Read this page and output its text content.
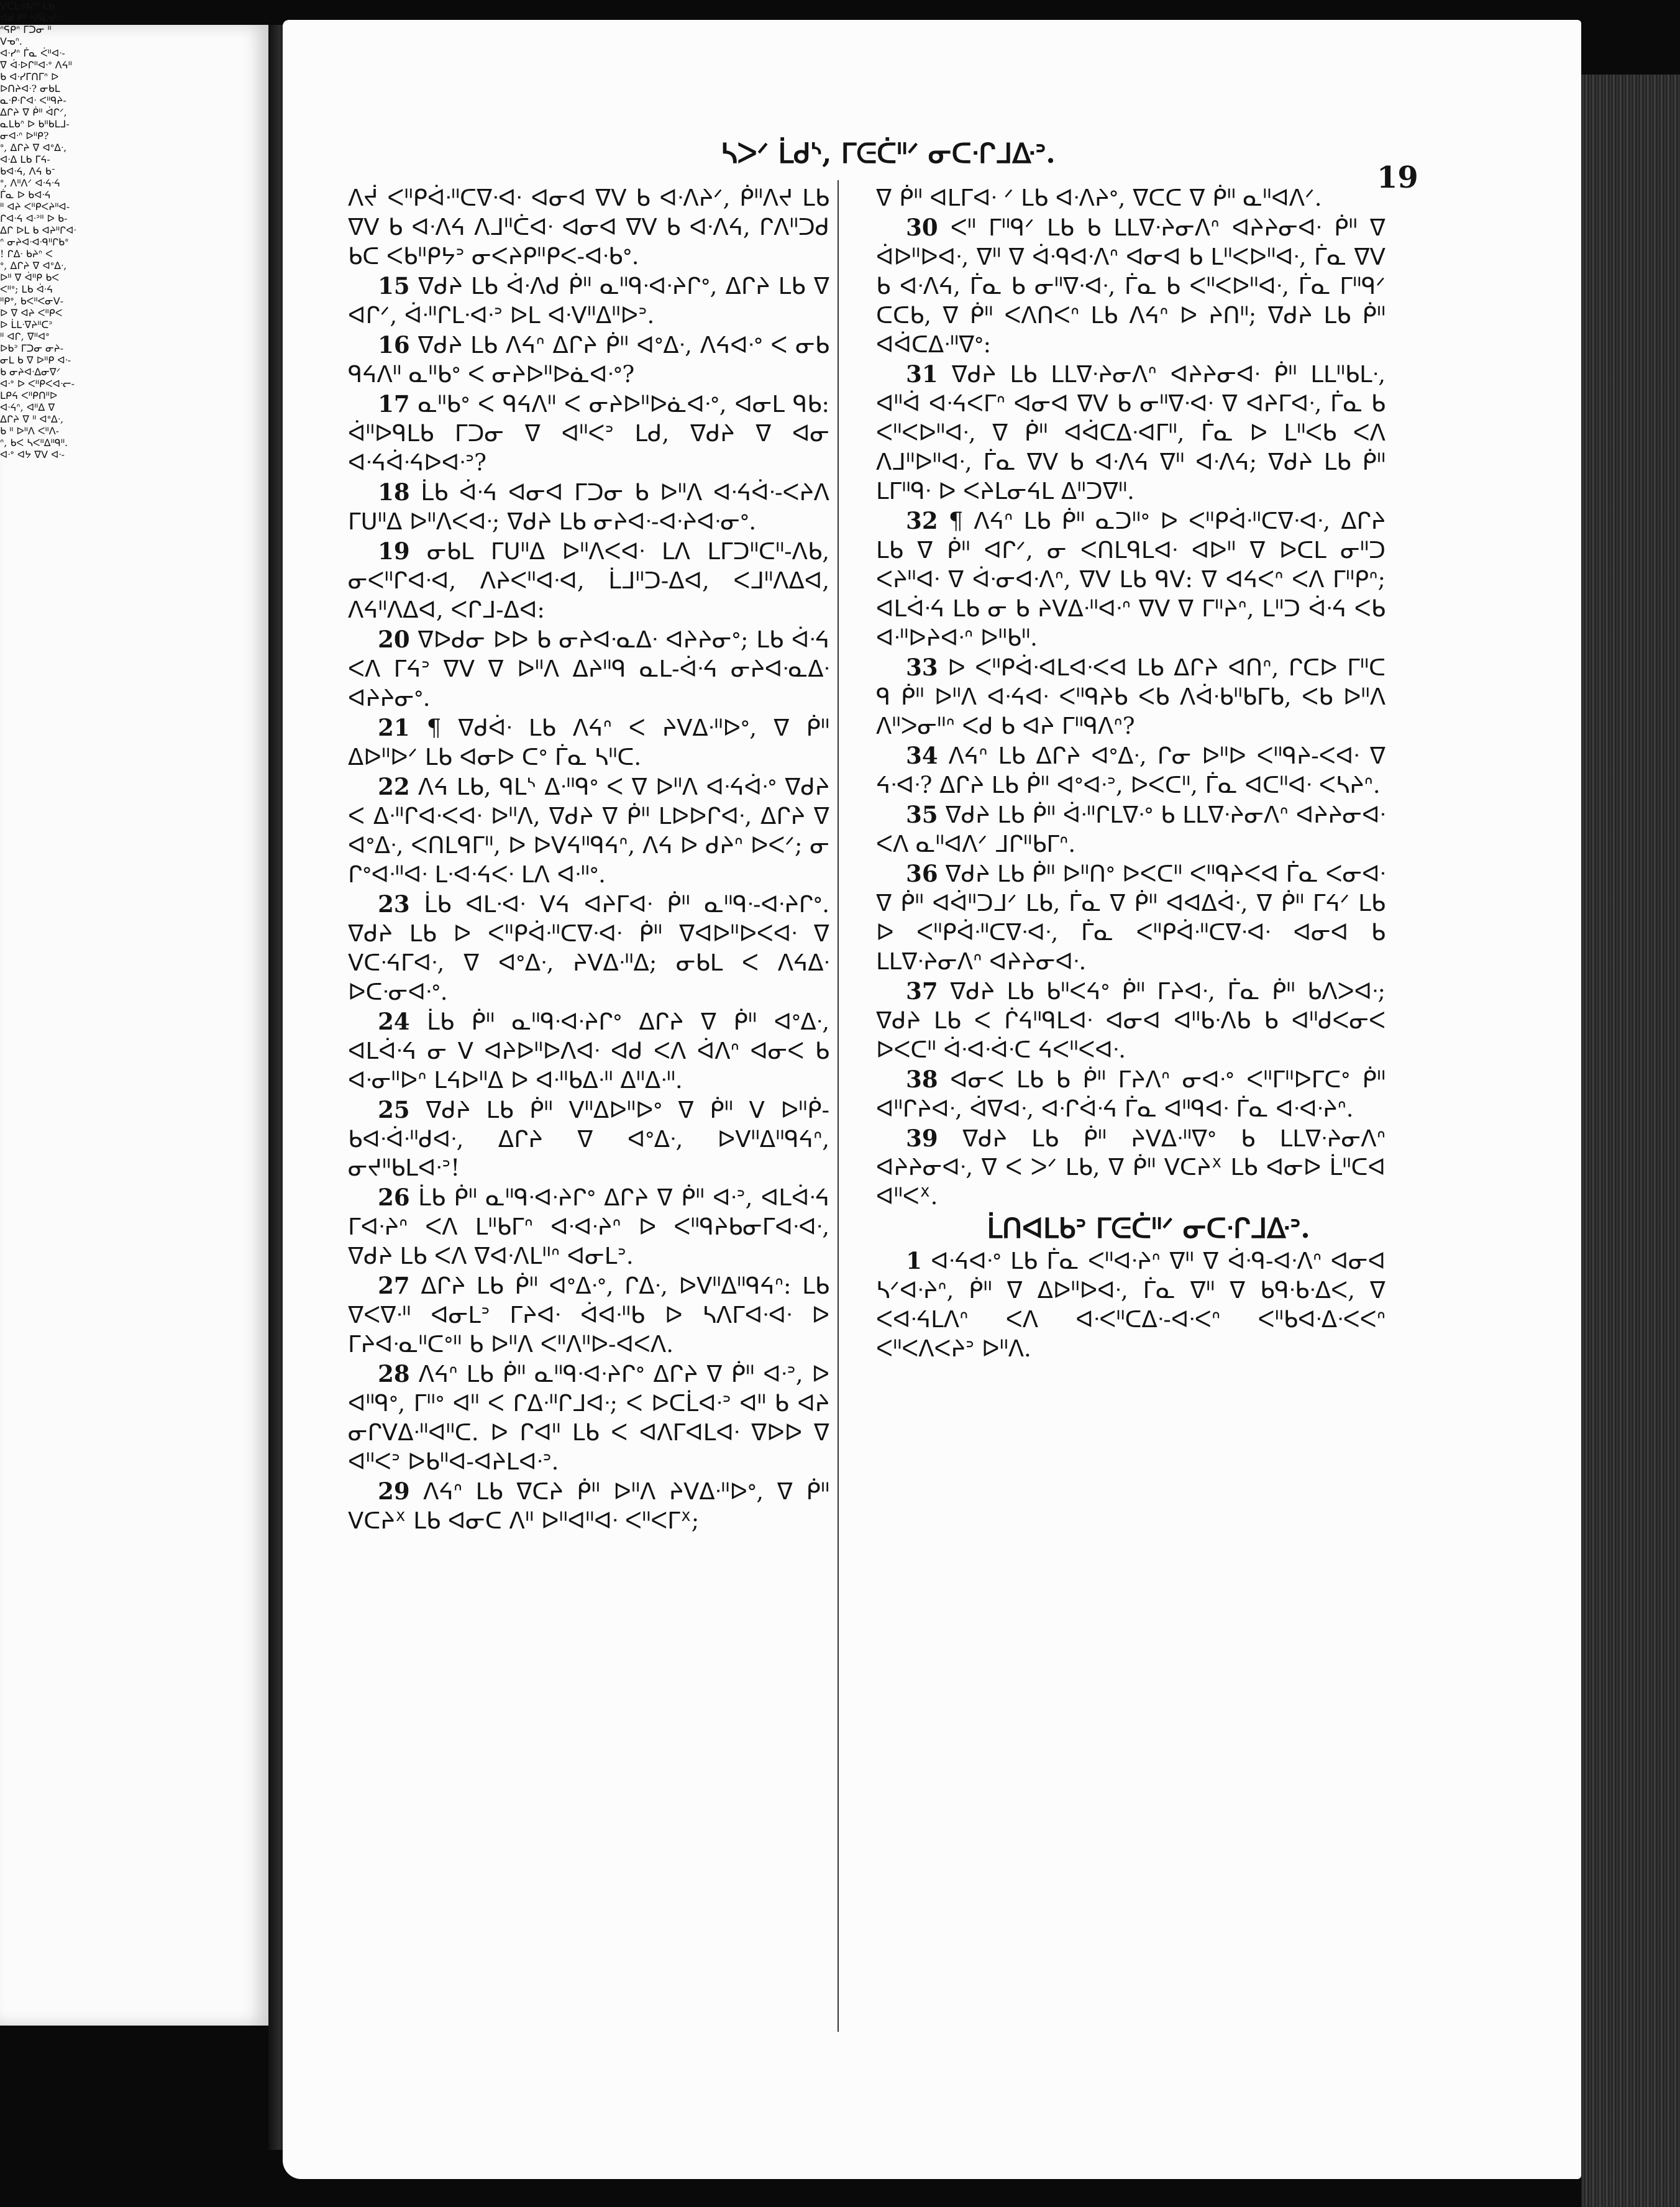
ᓴᐳᐟ ᒫᑯᔅ, ᒥᕮᑖᐦᐟ ᓂᑕᐧᒋᒧᐏᐣ.
19

ᐱᔫ ᐸᐦᑭᐋᐧᐦᑕᐁᐧᐊᐧ ᐊᓂᐊ ᐁᐯ ᑲ ᐊᐧᐱᔨᐟ, ᑮᐦᐱᔪ ᒪᑲ ᐁᐯ ᑲ ᐊᐧᐱᔦ ᐱᒧᐦᑖᐊᐧ ᐊᓂᐊ ᐁᐯ ᑲ ᐊᐧᐱᔦ, ᒋᐱᐦᑐᑯ ᑲᑕ ᐸᑲᐦᑭᔭᐣ ᓂᐸᔨᑭᐦᑭᐸ-ᐊᐧᑲᐤ.

15 ᐁᑯᔨ ᒪᑲ ᐋᐧᐱᑯ ᑮᐦ ᓇᐦᑫᐧᐊᐧᔨᒋᐤ, ᐃᒋᔨ ᒪᑲ ᐁ ᐊᒋᐟ, ᐋᐧᐦᒋᒪᐧᐊᐧᐣ ᐅᒪ ᐊᐧᐯᐦᐃᐦᐅᐣ.

16 ᐁᑯᔨ ᒪᑲ ᐱᔦᐢ ᐃᒋᔨ ᑮᐦ ᐊᐤᐃᐧ, ᐱᔦᐊᐧᐤ ᐸ ᓂᑲ ᑫᔦᐱᐦ ᓇᐦᑲᐤ ᐸ ᓂᔨᐅᐦᐅᓈᐊᐧᐤ?

17 ᓇᐦᑲᐤ ᐸ ᑫᔦᐱᐦ ᐸ ᓂᔨᐅᐦᐅᓈᐊᐧᐤ, ᐊᓂᒪ ᑫᑲ: ᐋᐦᐅᑫᒪᑲ ᒥᑐᓂ ᐁ ᐊᐦᐸᐣ ᒪᑯ, ᐁᑯᔨ ᐁ ᐊᓂ ᐊᐧᔦᐋᐧᔦᐅᐊᐧᐣ?

18 ᒫᑲ ᐋᐧᔦ ᐊᓂᐊ ᒥᑐᓂ ᑲ ᐅᐦᐱ ᐊᐧᔦᐋᐧ-ᐸᔨᐱ ᒥᑌᐦᐃ ᐅᐦᐱᐸᐊᐧ; ᐁᑯᔨ ᒪᑲ ᓂᔨᐊᐧ-ᐊᐧᔨᐊᐧᓂᐤ.

19 ᓂᑲᒪ ᒥᑌᐦᐃ ᐅᐦᐱᐸᐊᐧ ᒪᐱ ᒪᒥᑐᐦᑕᐦ-ᐱᑲ, ᓂᐸᐦᒋᐊᐧᐊ, ᐱᔨᐸᐦᐊᐧᐊ, ᒫᒧᐦᑐ-ᐃᐊ, ᐸᒧᐦᐱᐃᐊ, ᐱᔦᐦᐱᐃᐊ, ᐸᒋᒧ-ᐃᐊ:

20 ᐁᐅᑯᓂ ᐅᐅ ᑲ ᓂᔨᐊᐧᓇᐃᐧ ᐊᔨᔨᓂᐤ; ᒪᑲ ᐋᐧᔦ ᐸᐱ ᒥᔦᐣ ᐁᐯ ᐁ ᐅᐦᐱ ᐃᔨᐦᑫ ᓇᒪ-ᐋᐧᔦ ᓂᔨᐊᐧᓇᐃᐧ ᐊᔨᔨᓂᐤ.

21 ¶ ᐁᑯᐋᐧ ᒪᑲ ᐱᔦᐢ ᐸ ᔨᐯᐃᐧᐦᐅᐤ, ᐁ ᑮᐦ ᐃᐅᐦᐅᐟ ᒪᑲ ᐊᓂᐅ ᑕᐤ ᒦᓇ ᓴᐦᑕ.

22 ᐱᔦ ᒪᑲ, ᑫᒪᔅ ᐃᐧᐦᑫᐤ ᐸ ᐁ ᐅᐦᐱ ᐊᐧᔦᐋᐧᐤ ᐁᑯᔨ ᐸ ᐃᐧᐦᒋᐊᐧᐸᐊᐧ ᐅᐦᐱ, ᐁᑯᔨ ᐁ ᑮᐦ ᒪᐅᐅᒋᐊᐧ, ᐃᒋᔨ ᐁ ᐊᐤᐃᐧ, ᐸᑎᒪᑫᒥᐦ, ᐅ ᐅᐯᔦᐦᑫᔦᐢ, ᐱᔦ ᐅ ᑯᔨᐢ ᐅᐸᐟ; ᓂ ᒋᐤᐊᐧᐦᐊᐧ ᒪᐧᐊᐧᔦᐸᐧ ᒪᐱ ᐊᐧᐦᐤ.

23 ᒫᑲ ᐊᒪᐧᐊᐧ ᐯᔦ ᐊᔨᒥᐊᐧ ᑮᐦ ᓇᐦᑫᐧ-ᐊᐧᔨᒋᐤ. ᐁᑯᔨ ᒪᑲ ᐅ ᐸᐦᑭᐋᐧᐦᑕᐁᐧᐊᐧ ᑮᐦ ᐁᐊᐅᐦᐅᐸᐊᐧ ᐁ ᐯᑕᐧᔦᒥᐊᐧ, ᐁ ᐊᐤᐃᐧ, ᔨᐯᐃᐧᐦᐃ; ᓂᑲᒪ ᐸ ᐱᔦᐃᐧ ᐅᑕᐧᓂᐊᐧᐤ.

24 ᒫᑲ ᑮᐦ ᓇᐦᑫᐧᐊᐧᔨᒋᐤ ᐃᒋᔨ ᐁ ᑮᐦ ᐊᐤᐃᐧ, ᐊᒪᐋᐧᔦ ᓂ ᐯ ᐊᔨᐅᐦᐅᐱᐊᐧ ᐊᑯ ᐸᐱ ᐋᐱᐢ ᐊᓂᐸ ᑲ ᐊᐧᓂᐦᐅᐢ ᒪᔦᐅᐦᐃ ᐅ ᐊᐧᐦᑲᐃᐧᐦ ᐃᐦᐃᐧᐦ.

25 ᐁᑯᔨ ᒪᑲ ᑮᐦ ᐯᐦᐃᐅᐦᐅᐤ ᐁ ᑮᐦ ᐯ ᐅᐦᑮ-ᑲᐊᐧᐋᐧᐦᑯᐊᐧ, ᐃᒋᔨ ᐁ ᐊᐤᐃᐧ, ᐅᐯᐦᐃᐦᑫᔦᐢ, ᓂᔪᐦᑲᒪᐊᐧᐣ!

26 ᒫᑲ ᑮᐦ ᓇᐦᑫᐧᐊᐧᔨᒋᐤ ᐃᒋᔨ ᐁ ᑮᐦ ᐊᐧᐣ, ᐊᒪᐋᐧᔦ ᒥᐊᐧᔨᐢ ᐸᐱ ᒪᐦᑲᒥᐢ ᐊᐧᐊᐧᔨᐢ ᐅ ᐸᐦᑫᔨᑲᓂᒥᐊᐧᐊᐧ, ᐁᑯᔨ ᒪᑲ ᐸᐱ ᐁᐊᐧᐱᒪᐦᐢ ᐊᓂᒪᐣ.

27 ᐃᒋᔨ ᒪᑲ ᑮᐦ ᐊᐤᐃᐧᐤ, ᒋᐃᐧ, ᐅᐯᐦᐃᐦᑫᔦᐢ: ᒪᑲ ᐁᐸᐁᐧᐦ ᐊᓂᒪᐣ ᒥᔨᐊᐧ ᐋᐊᐧᐦᑲ ᐅ ᓴᐱᒥᐊᐧᐊᐧ ᐅ ᒥᔨᐊᐧᓇᐦᑕᐤᐦ ᑲ ᐅᐦᐱ ᐸᐦᐱᐦᐅ-ᐊᐸᐱ.

28 ᐱᔦᐢ ᒪᑲ ᑮᐦ ᓇᐦᑫᐧᐊᐧᔨᒋᐤ ᐃᒋᔨ ᐁ ᑮᐦ ᐊᐧᐣ, ᐅ ᐊᐦᑫᐤ, ᒥᐦᐤ ᐊᐦ ᐸ ᒋᐃᐧᐦᒋᒧᐊᐧ; ᐸ ᐅᑕᒫᐊᐧᐣ ᐊᐦ ᑲ ᐊᔨ ᓂᒋᐯᐃᐧᐦᐊᐦᑕ. ᐅ ᒋᐊᐦ ᒪᑲ ᐸ ᐊᐱᒥᐊᒪᐊᐧ ᐁᐅᐅ ᐁ ᐊᐦᐸᐣ ᐅᑲᐦᐊ-ᐊᔨᒪᐊᐧᐣ.

29 ᐱᔦᐢ ᒪᑲ ᐁᑕᔨ ᑮᐦ ᐅᐦᐱ ᔨᐯᐃᐧᐦᐅᐤ, ᐁ ᑮᐦ ᐯᑕᔨᕽ ᒪᑲ ᐊᓂᑕ ᐱᐦ ᐅᐦᐊᐦᐊᐧ ᐸᐦᐸᒥᕽ;

ᐁ ᑮᐦ ᐊᒪᒥᐊᐧ ᐟ ᒪᑲ ᐊᐧᐱᔨᐤ, ᐁᑕᑕ ᐁ ᑮᐦ ᓇᐦᐊᐱᐟ.

30 ᐸᐦ ᒥᐦᑫᐟ ᒪᑲ ᑲ ᒪᒪᐁᐧᔨᓂᐱᐢ ᐊᔨᔨᓂᐊᐧ ᑮᐦ ᐁ ᐋᐅᐦᐅᐊᐧ, ᐁᐦ ᐁ ᐋᐧᑫᐊᐧᐱᐢ ᐊᓂᐊ ᑲ ᒪᐦᐸᐅᐦᐊᐧ, ᒦᓇ ᐁᐯ ᑲ ᐊᐧᐱᔦ, ᒦᓇ ᑲ ᓂᐦᐁᐧᐊᐧ, ᒦᓇ ᑲ ᐸᐦᐸᐅᐦᐊᐧ, ᒦᓇ ᒥᐦᑫᐟ ᑕᑕᑲ, ᐁ ᑮᐦ ᐸᐱᑎᐸᐢ ᒪᑲ ᐱᔦᐢ ᐅ ᔨᑎᐦ; ᐁᑯᔨ ᒪᑲ ᑮᐦ ᐊᐋᑕᐃᐧᐦᐁᐤ:

31 ᐁᑯᔨ ᒪᑲ ᒪᒪᐁᐧᔨᓂᐱᐢ ᐊᔨᔨᓂᐊᐧ ᑮᐦ ᒪᒪᐦᑲᒪᐧ, ᐊᐦᐋ ᐊᐧᔦᐸᒥᐢ ᐊᓂᐊ ᐁᐯ ᑲ ᓂᐦᐁᐧᐊᐧ ᐁ ᐊᔨᒥᐊᐧ, ᒦᓇ ᑲ ᐸᐦᐸᐅᐦᐊᐧ, ᐁ ᑮᐦ ᐊᐋᑕᐃᐧᐊᒥᐦ, ᒦᓇ ᐅ ᒪᐦᐸᑲ ᐸᐱ ᐱᒧᐦᐅᐦᐊᐧ, ᒦᓇ ᐁᐯ ᑲ ᐊᐧᐱᔦ ᐁᐦ ᐊᐧᐱᔦ; ᐁᑯᔨ ᒪᑲ ᑮᐦ ᒪᒥᐦᑫᐧ ᐅ ᐸᔨᒪᓂᔦᒪ ᐃᐦᑐᐁᐦ.

32 ¶ ᐱᔦᐢ ᒪᑲ ᑮᐦ ᓇᑐᐦᐤ ᐅ ᐸᐦᑭᐋᐧᐦᑕᐁᐧᐊᐧ, ᐃᒋᔨ ᒪᑲ ᐁ ᑮᐦ ᐊᒋᐟ, ᓂ ᐸᑎᒪᑫᒪᐊᐧ ᐊᐅᐦ ᐁ ᐅᑕᒪ ᓂᐦᑐ ᐸᔨᐦᐊᐧ ᐁ ᐋᐧᓂᐊᐧᐱᐢ, ᐁᐯ ᒪᑲ ᑫᐯ: ᐁ ᐊᔦᐸᐢ ᐸᐱ ᒥᐦᑭᐢ; ᐊᒪᐋᐧᔦ ᒪᑲ ᓂ ᑲ ᔨᐯᐃᐧᐦᐊᐧᐢ ᐁᐯ ᐁ ᒥᐦᔨᐢ, ᒪᐦᑐ ᐋᐧᔦ ᐸᑲ ᐊᐧᐦᐅᔨᐊᐧᐢ ᐅᐦᑲᐦ.

33 ᐅ ᐸᐦᑭᐋᐧᐊᒪᐊᐧᐸᐊ ᒪᑲ ᐃᒋᔨ ᐊᑎᐢ, ᒋᑕᐅ ᒥᐦᑕ ᑫ ᑮᐦ ᐅᐦᐱ ᐊᐧᔦᐊᐧ ᐸᐦᑫᔨᑲ ᐸᑲ ᐱᐋᐧᑲᐦᑲᒥᑲ, ᐸᑲ ᐅᐦᐱ ᐱᐦᐳᓂᐦᐢ ᐸᑯ ᑲ ᐊᔨ ᒥᐦᑫᐱᐢ?

34 ᐱᔦᐢ ᒪᑲ ᐃᒋᔨ ᐊᐤᐃᐧ, ᒋᓂ ᐅᐦᐅ ᐸᐦᑫᔨ-ᐸᐊᐧ ᐁ ᔦᐧᐊᐧ? ᐃᒋᔨ ᒪᑲ ᑮᐦ ᐊᐤᐊᐧᐣ, ᐅᐸᑕᐦ, ᒦᓇ ᐊᑕᐦᐊᐧ ᐸᓴᔨᐢ.

35 ᐁᑯᔨ ᒪᑲ ᑮᐦ ᐋᐧᐦᒋᒪᐁᐧᐤ ᑲ ᒪᒪᐁᐧᔨᓂᐱᐢ ᐊᔨᔨᓂᐊᐧ ᐸᐱ ᓇᐦᐊᐱᐟ ᒧᒋᐦᑲᒥᐢ.

36 ᐁᑯᔨ ᒪᑲ ᑮᐦ ᐅᐦᑎᐤ ᐅᐸᑕᐦ ᐸᐦᑫᔨᐸᐊ ᒦᓇ ᐸᓂᐊᐧ ᐁ ᑮᐦ ᐊᐋᐦᑐᒧᐟ ᒪᑲ, ᒦᓇ ᐁ ᑮᐦ ᐊᐊᐃᐋᐧ, ᐁ ᑮᐦ ᒥᔦᐟ ᒪᑲ ᐅ ᐸᐦᑭᐋᐧᐦᑕᐁᐧᐊᐧ, ᒦᓇ ᐸᐦᑭᐋᐧᐦᑕᐁᐧᐊᐧ ᐊᓂᐊ ᑲ ᒪᒪᐁᐧᔨᓂᐱᐢ ᐊᔨᔨᓂᐊᐧ.

37 ᐁᑯᔨ ᒪᑲ ᑲᐦᐸᔦᐤ ᑮᐦ ᒥᔨᐊᐧ, ᒦᓇ ᑮᐦ ᑲᐱᐳᐊᐧ; ᐁᑯᔨ ᒪᑲ ᐸ ᒌᔦᐦᑫᒪᐊᐧ ᐊᓂᐊ ᐊᐦᑲᐧᐱᑲ ᑲ ᐊᐦᑯᐸᓂᐸ ᐅᐸᑕᐦ ᐋᐧᐊᐧᐋᐧᑕ ᔦᐸᐦᐸᐊᐧ.

38 ᐊᓂᐸ ᒪᑲ ᑲ ᑮᐦ ᒥᔨᐱᐢ ᓂᐊᐧᐤ ᐸᐦᒥᐦᐅᒥᑕᐤ ᑮᐦ ᐊᐦᒋᔨᐊᐧ, ᐋᐁᐊᐧ, ᐊᐧᒋᐋᐧᔦ ᒦᓇ ᐊᐦᑫᐊᐧ ᒦᓇ ᐊᐧᐊᐧᔨᐢ.

39 ᐁᑯᔨ ᒪᑲ ᑮᐦ ᔨᐯᐃᐧᐦᐁᐤ ᑲ ᒪᒪᐁᐧᔨᓂᐱᐢ ᐊᔨᔨᓂᐊᐧ, ᐁ ᐸ ᐳᐟ ᒪᑲ, ᐁ ᑮᐦ ᐯᑕᔨᕽ ᒪᑲ ᐊᓂᐅ ᒫᐦᑕᐊ ᐊᐦᐸᕽ.

ᒫᑎᐊᒪᑲᐣ ᒥᕮᑖᐦᐟ ᓂᑕᐧᒋᒧᐏᐣ.

1 ᐊᐧᔦᐊᐧᐤ ᒪᑲ ᒦᓇ ᐸᐦᐊᐧᔨᐢ ᐁᐦ ᐁ ᐋᐧᑫ-ᐊᐧᐱᐢ ᐊᓂᐊ ᓴᐟᐊᐧᔨᐢ, ᑮᐦ ᐁ ᐃᐅᐦᐅᐊᐧ, ᒦᓇ ᐁᐦ ᐁ ᑲᑫᐧᑲᐧᐃᐸ, ᐁ ᐸᐊᐧᔦᒪᐱᐢ ᐸᐱ ᐊᐧᐸᐦᑕᐃᐧ-ᐊᐧᐸᐢ ᐸᐦᑲᐊᐧᐃᐧᐸᐸᐢ ᐸᐦᐸᐱᐸᔨᐣ ᐅᐦᐱ.

ᐯᑕᒪᐧᐊᓯᐢ ᒪᑲ
ᐊᑯ ᑭᐦ ᓴᕋᒪᐧᓯᐢ
ᐢᕋᑭᐢ ᒥᑐᓂ ᐦ
ᐯᓀᐢ.
ᐊᐧᓯᐢ ᒦᓇ ᐹᐦᐊᐧ-
ᐁ ᐋᐧᐅᒋᐦᐊᐧᐤ ᐱᔦᐦ
ᑲ ᐊᐧᓯᒥᑎᒥᐢ ᐅ
ᐅᑎᔨᐊᐧ? ᓂᑲᒪ
ᓇᐧᑭᐧᒋᐊᐧ ᐸᐦᑫᔨ-
ᐃᒋᔨ ᐁ ᑮᐦ ᐋᒋᐟ,
ᓇᒪᑲᐢ ᐅ ᑲᐦᑲᒪᒧ-
ᓂᐊᐧᐢ ᐅᐦᑭ?
ᐤ, ᐃᒋᔨ ᐁ ᐊᐤᐃᐧ,
ᐊᐧᐃ ᒪᑲ ᒥᔦ-
ᑲᐊᐧᔦ, ᐱᔦ ᑲᐨ
ᐤ, ᐱᐦᐱᐟ ᐊᐧᔦᐧᔦ
ᒦᓇ ᐅ ᑲᐊᐧᔦ
ᐦ ᐊᔨ ᐸᐦᑭᐸᔨᐦᐊ-
ᒋᐊᐧᔦ ᐊᐧᐣᐦ ᐅ ᑲ-
ᐃᒋ ᐅᒪ ᑲ ᐊᔨᐦᒋᐊᐧ
ᐢ ᓂᔨᐊᐧᐊᐧᑫᐦᒋᑲᐤ
! ᒋᐃᐧ ᑲᔨᐢ ᐸ
ᐤ, ᐃᒋᔨ ᐁ ᐊᐤᐃᐧ,
ᐅᐦ ᐁ ᐋᐦᑭ ᑲᐸ
ᐸᐦᐤ; ᒪᑲ ᐋᐧᔦ
ᐦᑭᐤ, ᑲᐸᐦᐸᓂᐯ-
ᐅ ᐁ ᐊᔨ ᐸᐦᑭᐸ
ᐅ ᒫᒪᐧᐁᔨᐦᑕᐣ
ᐦ ᐊᒋ, ᐁᐦᐊᐤ
ᐅᑲᐣ ᒥᑐᓂ ᓂᔨ-
ᓂᒪ ᑲ ᐁ ᐅᐦᑭ ᐊᐧ-
ᑲ ᓂᔨᐊᐧᐃᓂᐁᐟ
ᐊᐧᐤ ᐅ ᐸᐦᑭᐸᐊᐧᓕ-
ᒪᑭᔦ ᐸᐦᑭᑎᐦᐅ
ᐊᐧᔦᐢ, ᐊᐦᐃ ᐁ
ᐃᒋᔨ ᐁ ᐦ ᐊᐤᐃᐧ,
ᑲ ᐦ ᐅᐦᐱ ᐸᐦᐱ-
ᐢ, ᑲᐸ ᓴᐸᐦᐃᐦᑫᐦ.
ᐊᐧᐤ ᐊᔭ ᐁᐯ ᐊᐧ-
